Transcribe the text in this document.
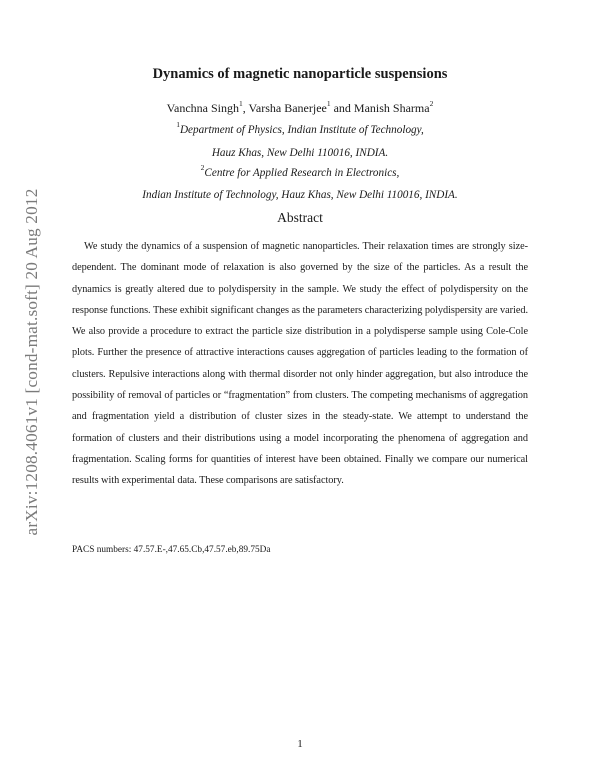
arXiv:1208.4061v1 [cond-mat.soft] 20 Aug 2012
Dynamics of magnetic nanoparticle suspensions
Vanchna Singh$^1$, Varsha Banerjee$^1$ and Manish Sharma$^2$
$^1$Department of Physics, Indian Institute of Technology,
Hauz Khas, New Delhi 110016, INDIA.
$^2$Centre for Applied Research in Electronics,
Indian Institute of Technology, Hauz Khas, New Delhi 110016, INDIA.
Abstract

We study the dynamics of a suspension of magnetic nanoparticles. Their relaxation times are strongly size-dependent. The dominant mode of relaxation is also governed by the size of the particles. As a result the dynamics is greatly altered due to polydispersity in the sample. We study the effect of polydispersity on the response functions. These exhibit significant changes as the parameters characterizing polydispersity are varied. We also provide a procedure to extract the particle size distribution in a polydisperse sample using Cole-Cole plots. Further the presence of attractive interactions causes aggregation of particles leading to the formation of clusters. Repulsive interactions along with thermal disorder not only hinder aggregation, but also introduce the possibility of removal of particles or “fragmentation” from clusters. The competing mechanisms of aggregation and fragmentation yield a distribution of cluster sizes in the steady-state. We attempt to understand the formation of clusters and their distributions using a model incorporating the phenomena of aggregation and fragmentation. Scaling forms for quantities of interest have been obtained. Finally we compare our numerical results with experimental data. These comparisons are satisfactory.

PACS numbers: 47.57.E-,47.65.Cb,47.57.eb,89.75Da
1
